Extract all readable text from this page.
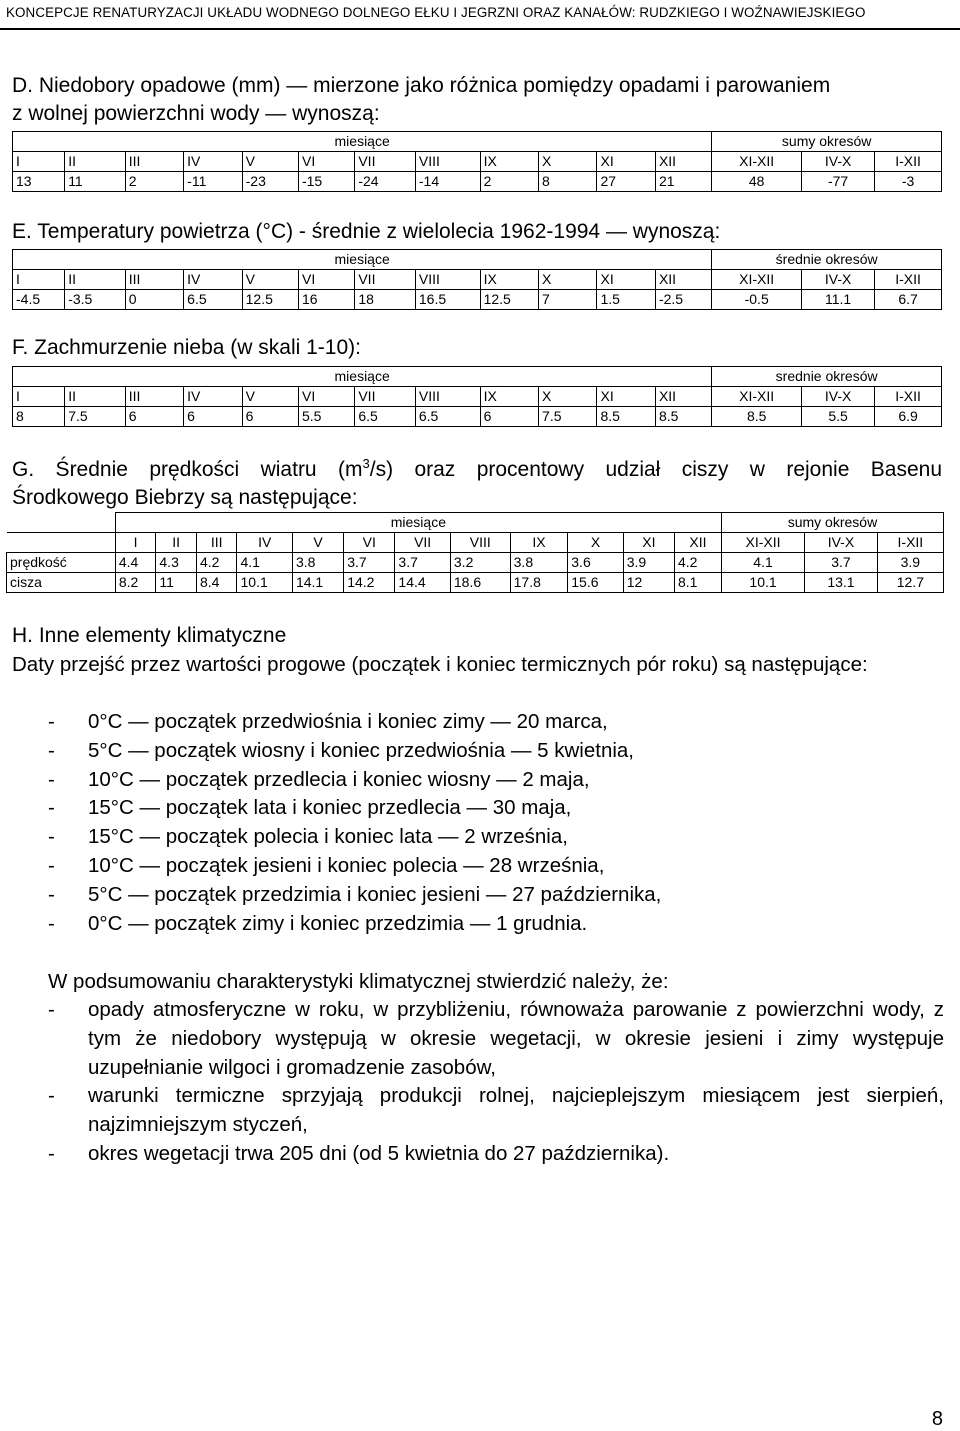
KONCEPCJE RENATURYZACJI UKŁADU WODNEGO DOLNEGO EŁKU I JEGRZNI ORAZ KANAŁÓW: RUDZKIEGO I WOŹNAWIEJSKIEGO
D. Niedobory opadowe (mm) — mierzone jako różnica pomiędzy opadami i parowaniem
z wolnej powierzchni wody — wynoszą:
miesiące												sumy okresów		
I	II	III	IV	V	VI	VII	VIII	IX	X	XI	XII	XI-XII	IV-X	I-XII
13	11	2	-11	-23	-15	-24	-14	2	8	27	21	48	-77	-3
E. Temperatury powietrza (°C) - średnie z wielolecia 1962-1994 — wynoszą:
miesiące												średnie okresów		
I	II	III	IV	V	VI	VII	VIII	IX	X	XI	XII	XI-XII	IV-X	I-XII
-4.5	-3.5	0	6.5	12.5	16	18	16.5	12.5	7	1.5	-2.5	-0.5	11.1	6.7
F. Zachmurzenie nieba (w skali 1-10):
miesiące												srednie okresów		
I	II	III	IV	V	VI	VII	VIII	IX	X	XI	XII	XI-XII	IV-X	I-XII
8	7.5	6	6	6	5.5	6.5	6.5	6	7.5	8.5	8.5	8.5	5.5	6.9
G. Średnie prędkości wiatru $(m^3/s)$ oraz procentowy udział ciszy w rejonie Basenu
Środkowego Biebrzy są następujące:
	miesiące												sumy okresów		
	I	II	III	IV	V	VI	VII	VIII	IX	X	XI	XII	XI-XII	IV-X	I-XII
prędkość	4.4	4.3	4.2	4.1	3.8	3.7	3.7	3.2	3.8	3.6	3.9	4.2	4.1	3.7	3.9
cisza	8.2	11	8.4	10.1	14.1	14.2	14.4	18.6	17.8	15.6	12	8.1	10.1	13.1	12.7
H. Inne elementy klimatyczne
Daty przejść przez wartości progowe (początek i koniec termicznych pór roku) są następujące:
- 0°C — początek przedwiośnia i koniec zimy — 20 marca,
- 5°C — początek wiosny i koniec przedwiośnia — 5 kwietnia,
- 10°C — początek przedlecia i koniec wiosny — 2 maja,
- 15°C — początek lata i koniec przedlecia — 30 maja,
- 15°C — początek polecia i koniec lata — 2 września,
- 10°C — początek jesieni i koniec polecia — 28 września,
- 5°C — początek przedzimia i koniec jesieni — 27 października,
- 0°C — początek zimy i koniec przedzimia — 1 grudnia.
W podsumowaniu charakterystyki klimatycznej stwierdzić należy, że:
- opady atmosferyczne w roku, w przybliżeniu, równoważa parowanie z powierzchni wody, z tym że niedobory występują w okresie wegetacji, w okresie jesieni i zimy występuje uzupełnianie wilgoci i gromadzenie zasobów,
- warunki termiczne sprzyjają produkcji rolnej, najcieplejszym miesiącem jest sierpień, najzimniejszym styczeń,
- okres wegetacji trwa 205 dni (od 5 kwietnia do 27 października).
8
